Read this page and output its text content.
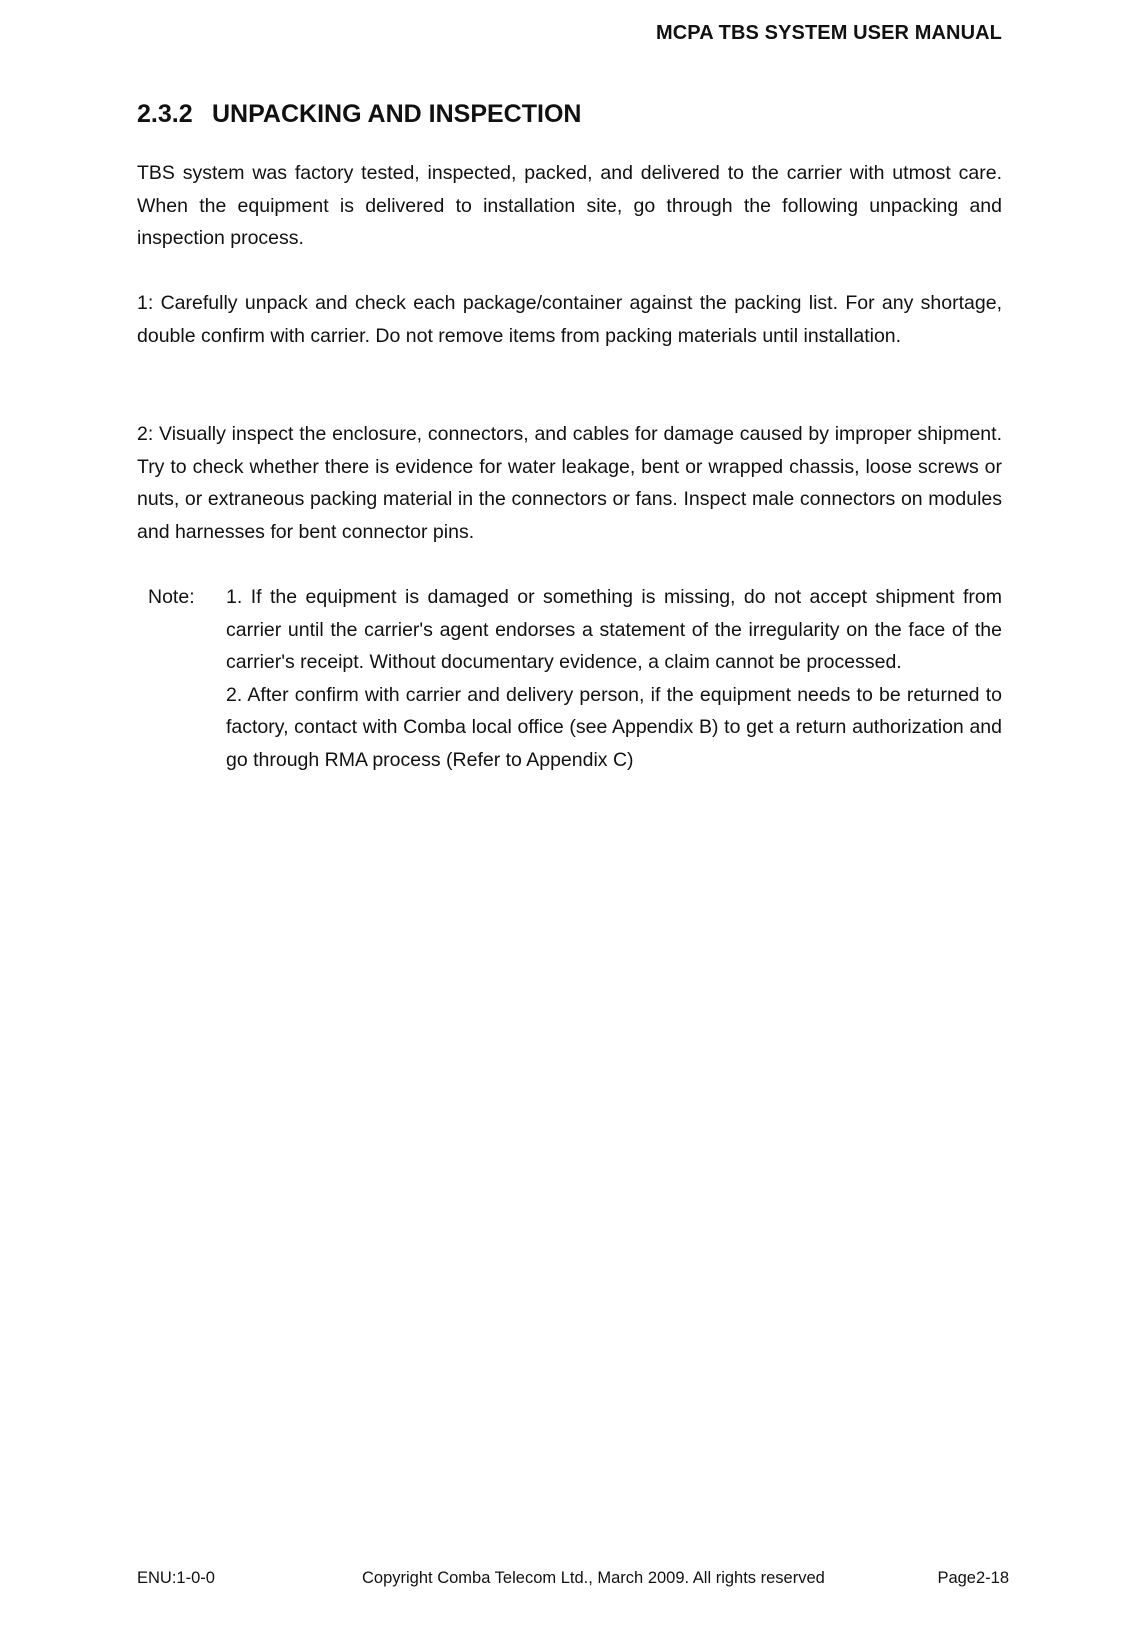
MCPA TBS SYSTEM USER MANUAL
2.3.2 UNPACKING AND INSPECTION

TBS system was factory tested, inspected, packed, and delivered to the carrier with utmost care. When the equipment is delivered to installation site, go through the following unpacking and inspection process.

1: Carefully unpack and check each package/container against the packing list. For any shortage, double confirm with carrier. Do not remove items from packing materials until installation.

2: Visually inspect the enclosure, connectors, and cables for damage caused by improper shipment. Try to check whether there is evidence for water leakage, bent or wrapped chassis, loose screws or nuts, or extraneous packing material in the connectors or fans. Inspect male connectors on modules and harnesses for bent connector pins.

Note:	1. If the equipment is damaged or something is missing, do not accept shipment from carrier until the carrier's agent endorses a statement of the irregularity on the face of the carrier's receipt. Without documentary evidence, a claim cannot be processed.

2. After confirm with carrier and delivery person, if the equipment needs to be returned to factory, contact with Comba local office (see Appendix B) to get a return authorization and go through RMA process (Refer to Appendix C)

ENU:1-0-0	Copyright Comba Telecom Ltd., March 2009. All rights reserved	Page2-18
